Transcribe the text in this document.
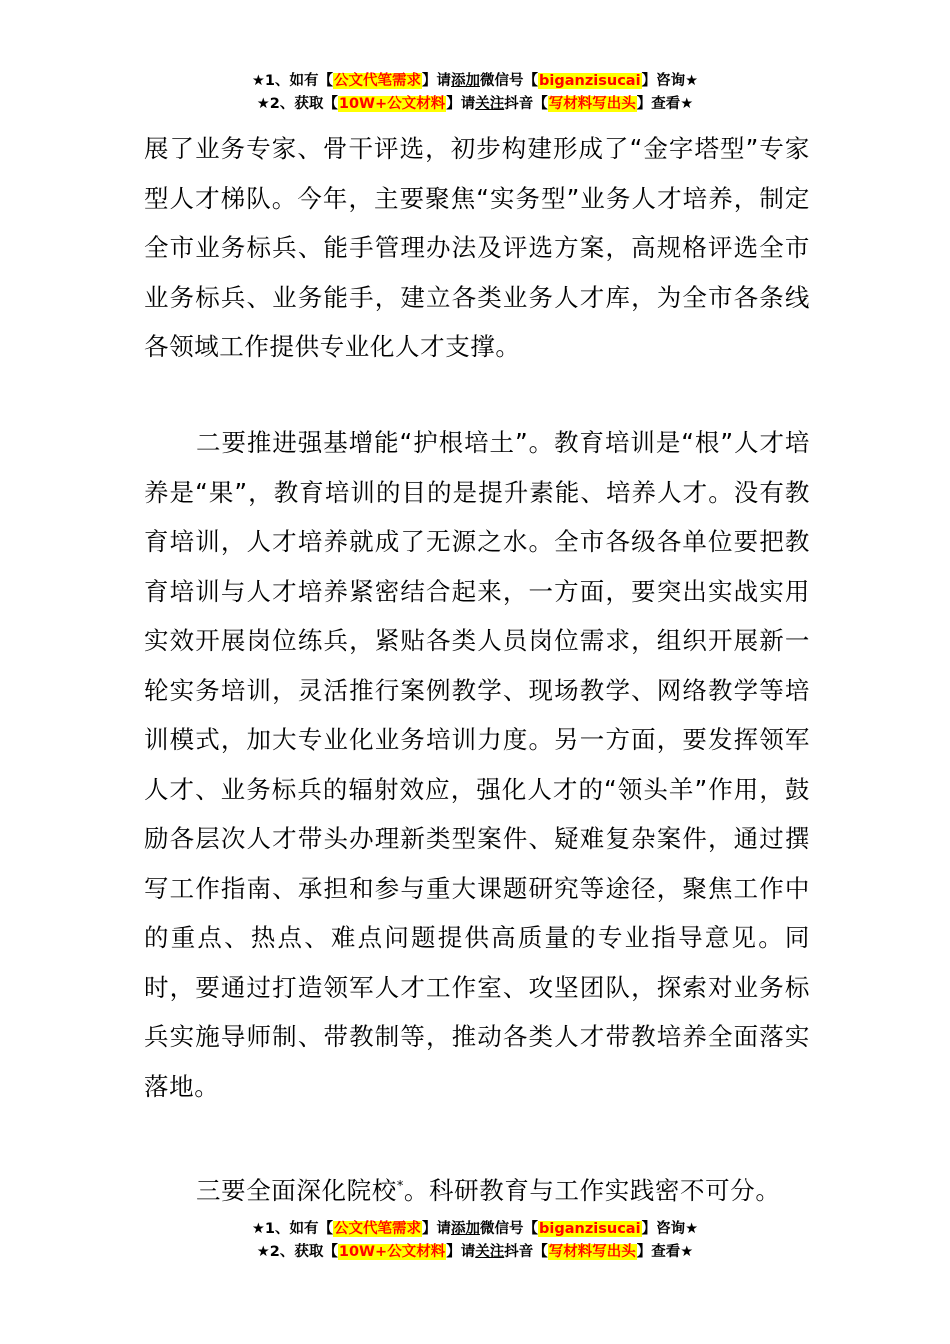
★1、如有【公文代笔需求】请添加微信号【biganzisucai】咨询★
★2、获取【10W+公文材料】请关注抖音【写材料写出头】查看★

展了业务专家、骨干评选，初步构建形成了“金字塔型”专家型人才梯队。今年，主要聚焦“实务型”业务人才培养，制定全市业务标兵、能手管理办法及评选方案，高规格评选全市业务标兵、业务能手，建立各类业务人才库，为全市各条线各领域工作提供专业化人才支撑。

二要推进强基增能“护根培土”。教育培训是“根”人才培养是“果”，教育培训的目的是提升素能、培养人才。没有教育培训，人才培养就成了无源之水。全市各级各单位要把教育培训与人才培养紧密结合起来，一方面，要突出实战实用实效开展岗位练兵，紧贴各类人员岗位需求，组织开展新一轮实务培训，灵活推行案例教学、现场教学、网络教学等培训模式，加大专业化业务培训力度。另一方面，要发挥领军人才、业务标兵的辐射效应，强化人才的“领头羊”作用，鼓励各层次人才带头办理新类型案件、疑难复杂案件，通过撰写工作指南、承担和参与重大课题研究等途径，聚焦工作中的重点、热点、难点问题提供高质量的专业指导意见。同时，要通过打造领军人才工作室、攻坚团队，探索对业务标兵实施导师制、带教制等，推动各类人才带教培养全面落实落地。

三要全面深化院校*。科研教育与工作实践密不可分。

★1、如有【公文代笔需求】请添加微信号【biganzisucai】咨询★
★2、获取【10W+公文材料】请关注抖音【写材料写出头】查看★
